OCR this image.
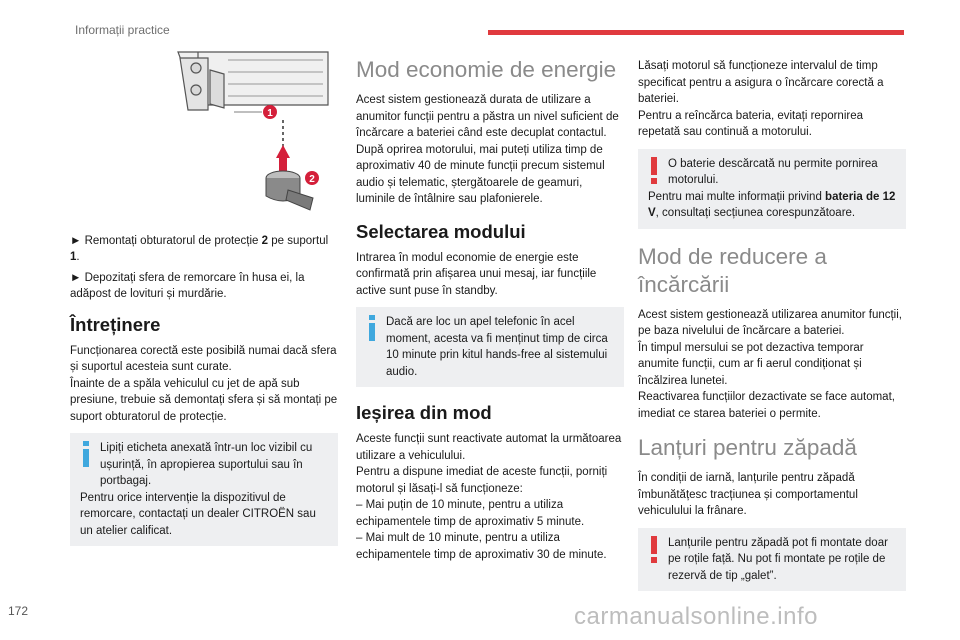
Informații practice
1
2

► Remontați obturatorul de protecție 2 pe suportul 1.

► Depozitați sfera de remorcare în husa ei, la adăpost de lovituri și murdărie.

Întreținere

Funcționarea corectă este posibilă numai dacă sfera și suportul acesteia sunt curate.

Înainte de a spăla vehiculul cu jet de apă sub presiune, trebuie să demontați sfera și să montați pe suport obturatorul de protecție.

Lipiți eticheta anexată într-un loc vizibil cu ușurință, în apropierea suportului sau în portbagaj.

Pentru orice intervenție la dispozitivul de remorcare, contactați un dealer CITROËN sau un atelier calificat.

Mod economie de energie

Acest sistem gestionează durata de utilizare a anumitor funcții pentru a păstra un nivel suficient de încărcare a bateriei când este decuplat contactul.

După oprirea motorului, mai puteți utiliza timp de aproximativ 40 de minute funcții precum sistemul audio și telematic, ștergătoarele de geamuri, luminile de întâlnire sau plafonierele.

Selectarea modului

Intrarea în modul economie de energie este confirmată prin afișarea unui mesaj, iar funcțiile active sunt puse în standby.

Dacă are loc un apel telefonic în acel moment, acesta va fi menținut timp de circa 10 minute prin kitul hands-free al sistemului audio.

Ieșirea din mod

Aceste funcții sunt reactivate automat la următoarea utilizare a vehiculului.

Pentru a dispune imediat de aceste funcții, porniți motorul și lăsați-l să funcționeze:

– Mai puțin de 10 minute, pentru a utiliza echipamentele timp de aproximativ 5 minute.

– Mai mult de 10 minute, pentru a utiliza echipamentele timp de aproximativ 30 de minute.

Lăsați motorul să funcționeze intervalul de timp specificat pentru a asigura o încărcare corectă a bateriei.

Pentru a reîncărca bateria, evitați repornirea repetată sau continuă a motorului.

O baterie descărcată nu permite pornirea motorului.

Pentru mai multe informații privind bateria de 12 V, consultați secțiunea corespunzătoare.

Mod de reducere a încărcării

Acest sistem gestionează utilizarea anumitor funcții, pe baza nivelului de încărcare a bateriei.

În timpul mersului se pot dezactiva temporar anumite funcții, cum ar fi aerul condiționat și încălzirea lunetei.

Reactivarea funcțiilor dezactivate se face automat, imediat ce starea bateriei o permite.

Lanțuri pentru zăpadă

În condiții de iarnă, lanțurile pentru zăpadă îmbunătățesc tracțiunea și comportamentul vehiculului la frânare.

Lanțurile pentru zăpadă pot fi montate doar pe roțile față. Nu pot fi montate pe roțile de rezervă de tip „galet”.

172	carmanualsonline.info
